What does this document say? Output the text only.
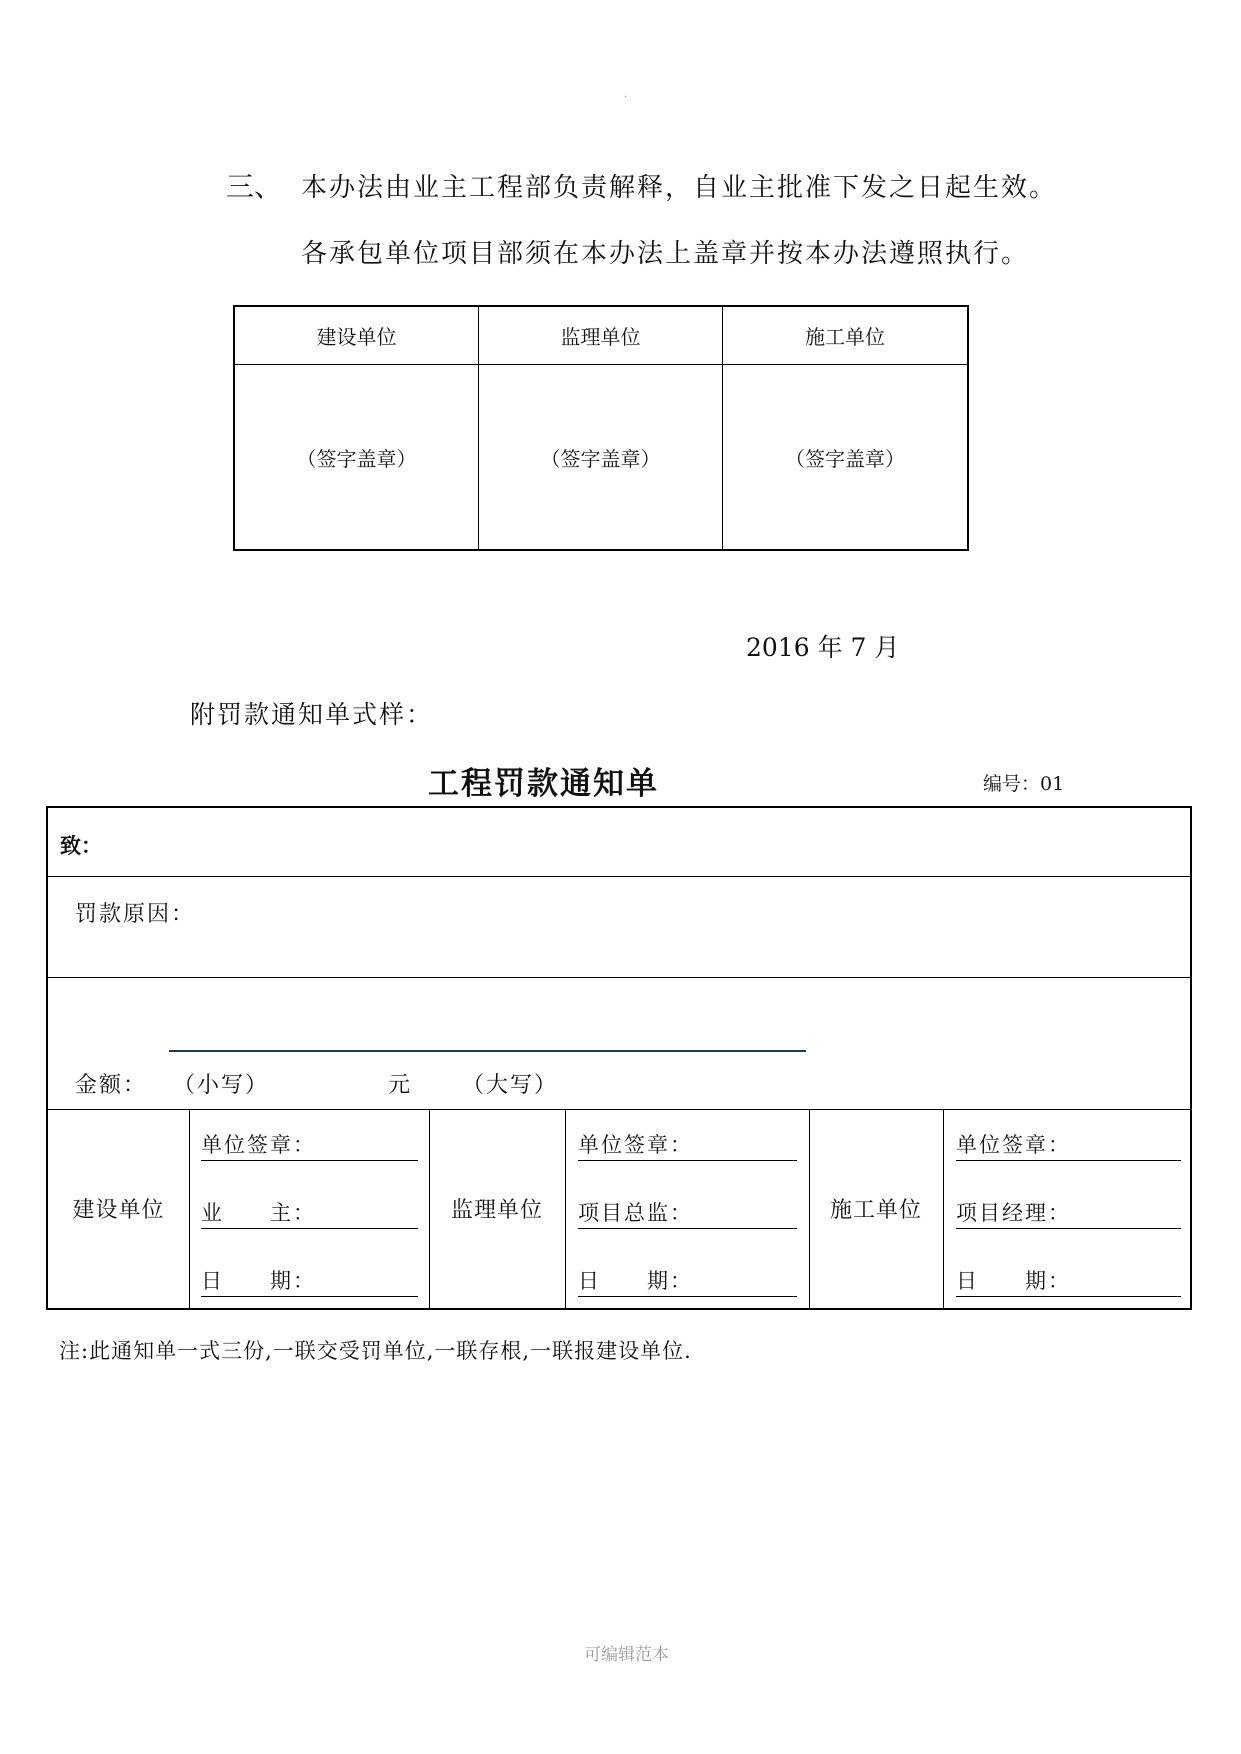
·
三、 本办法由业主工程部负责解释，自业主批准下发之日起生效。
各承包单位项目部须在本办法上盖章并按本办法遵照执行。
建设单位	监理单位	施工单位
（签字盖章）	（签字盖章）	（签字盖章）
2016 年 7 月
附罚款通知单式样：
工程罚款通知单	编号：01
致：
罚款原因：
金额： （小写）	元 （大写）
建设单位
单位签章：
业　　主：
日　　期：
监理单位
单位签章：
项目总监：
日　　期：
施工单位
单位签章：
项目经理：
日　　期：
注:此通知单一式三份,一联交受罚单位,一联存根,一联报建设单位.
可编辑范本
